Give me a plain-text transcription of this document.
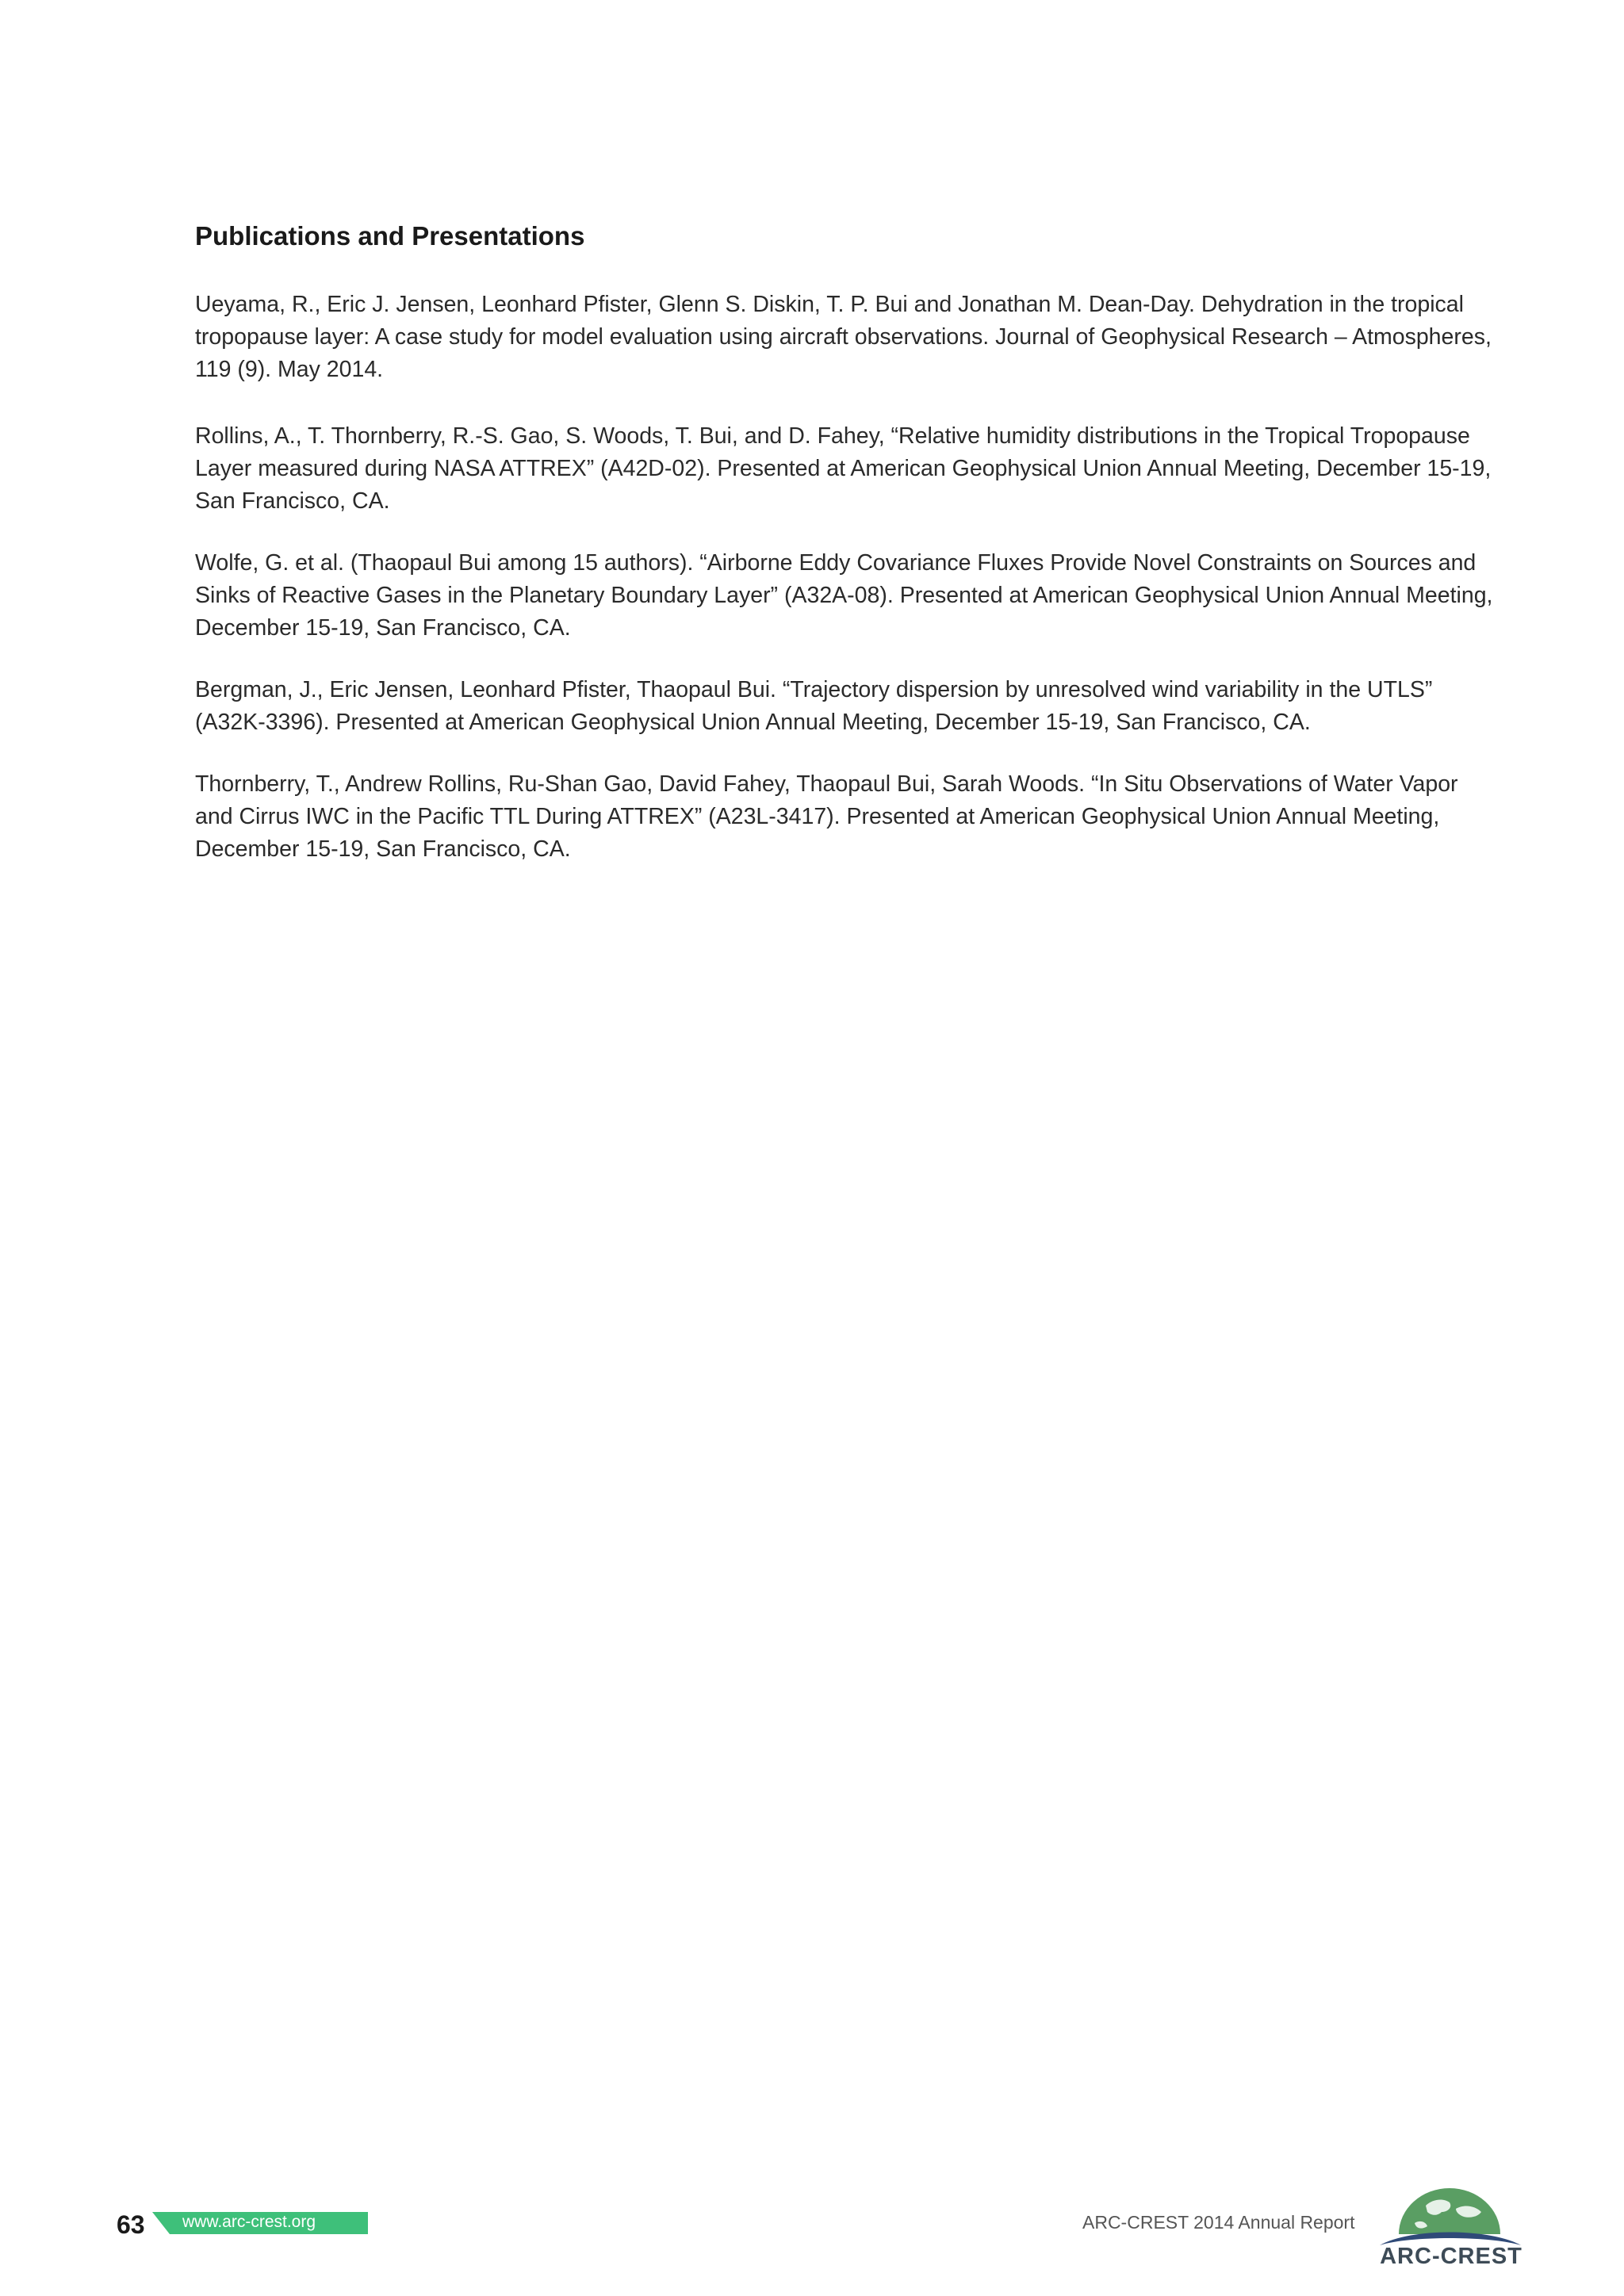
Publications and Presentations

Ueyama, R., Eric J. Jensen, Leonhard Pfister, Glenn S. Diskin, T. P. Bui and Jonathan M. Dean-Day. Dehydration in the tropical tropopause layer: A case study for model evaluation using aircraft observations. Journal of Geophysical Research – Atmospheres, 119 (9). May 2014.

Rollins, A., T. Thornberry, R.-S. Gao, S. Woods, T. Bui, and D. Fahey, “Relative humidity distributions in the Tropical Tropopause Layer measured during NASA ATTREX” (A42D-02). Presented at American Geophysical Union Annual Meeting, December 15-19, San Francisco, CA.

Wolfe, G. et al. (Thaopaul Bui among 15 authors). “Airborne Eddy Covariance Fluxes Provide Novel Constraints on Sources and Sinks of Reactive Gases in the Planetary Boundary Layer” (A32A-08). Presented at American Geophysical Union Annual Meeting, December 15-19, San Francisco, CA.

Bergman, J., Eric Jensen, Leonhard Pfister, Thaopaul Bui. “Trajectory dispersion by unresolved wind variability in the UTLS” (A32K-3396). Presented at American Geophysical Union Annual Meeting, December 15-19, San Francisco, CA.

Thornberry, T., Andrew Rollins, Ru-Shan Gao, David Fahey, Thaopaul Bui, Sarah Woods. “In Situ Observations of Water Vapor and Cirrus IWC in the Pacific TTL During ATTREX” (A23L-3417). Presented at American Geophysical Union Annual Meeting, December 15-19, San Francisco, CA.

63 www.arc-crest.org	ARC-CREST 2014 Annual Report
ARC-CREST
